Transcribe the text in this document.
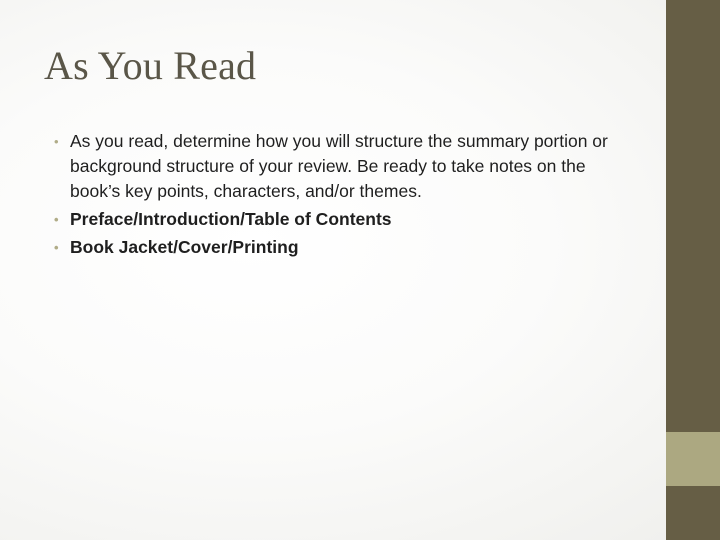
As You Read
• As you read, determine how you will structure the summary portion or background structure of your review. Be ready to take notes on the book’s key points, characters, and/or themes.
• Preface/Introduction/Table of Contents
• Book Jacket/Cover/Printing
